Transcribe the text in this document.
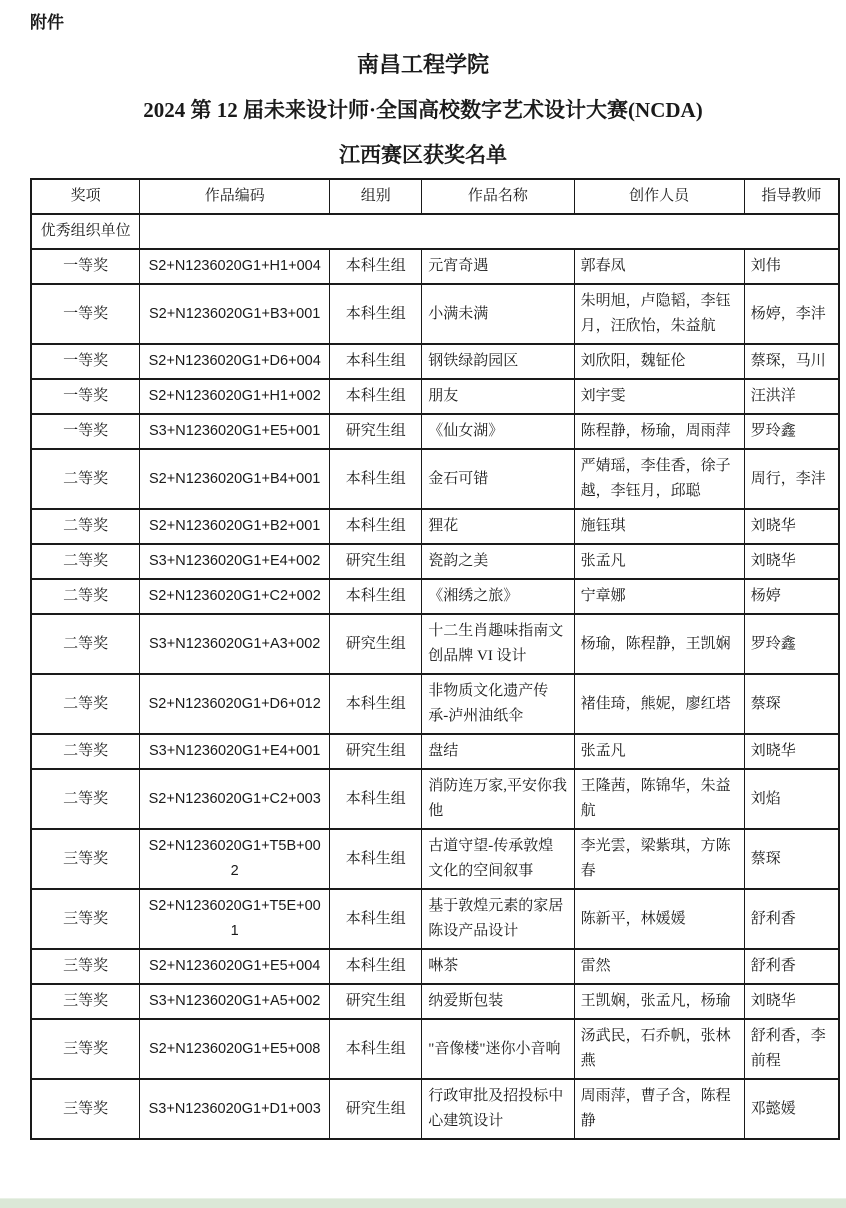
附件
南昌工程学院
2024 第 12 届未来设计师·全国高校数字艺术设计大赛(NCDA)
江西赛区获奖名单
奖项	作品编码	组别	作品名称	创作人员	指导教师
优秀组织单位					
一等奖	S2+N1236020G1+H1+004	本科生组	元宵奇遇	郭春凤	刘伟
一等奖	S2+N1236020G1+B3+001	本科生组	小满未满	朱明旭，卢隐韬，李钰月，汪欣怡，朱益航	杨婷，李沣
一等奖	S2+N1236020G1+D6+004	本科生组	钢铁绿韵园区	刘欣阳，魏钲伦	蔡琛，马川
一等奖	S2+N1236020G1+H1+002	本科生组	朋友	刘宇雯	汪洪洋
一等奖	S3+N1236020G1+E5+001	研究生组	《仙女湖》	陈程静，杨瑜，周雨萍	罗玲鑫
二等奖	S2+N1236020G1+B4+001	本科生组	金石可错	严婧瑶，李佳香，徐子越，李钰月，邱聪	周行，李沣
二等奖	S2+N1236020G1+B2+001	本科生组	狸花	施钰琪	刘晓华
二等奖	S3+N1236020G1+E4+002	研究生组	瓷韵之美	张孟凡	刘晓华
二等奖	S2+N1236020G1+C2+002	本科生组	《湘绣之旅》	宁章娜	杨婷
二等奖	S3+N1236020G1+A3+002	研究生组	十二生肖趣味指南文创品牌 VI 设计	杨瑜，陈程静，王凯娴	罗玲鑫
二等奖	S2+N1236020G1+D6+012	本科生组	非物质文化遗产传承-泸州油纸伞	褚佳琦，熊妮，廖红塔	蔡琛
二等奖	S3+N1236020G1+E4+001	研究生组	盘结	张孟凡	刘晓华
二等奖	S2+N1236020G1+C2+003	本科生组	消防连万家,平安你我他	王隆茜，陈锦华，朱益航	刘焰
三等奖	S2+N1236020G1+T5B+002	本科生组	古道守望-传承敦煌文化的空间叙事	李光雲，梁紫琪，方陈春	蔡琛
三等奖	S2+N1236020G1+T5E+001	本科生组	基于敦煌元素的家居陈设产品设计	陈新平，林媛媛	舒利香
三等奖	S2+N1236020G1+E5+004	本科生组	啉茶	雷然	舒利香
三等奖	S3+N1236020G1+A5+002	研究生组	纳爱斯包装	王凯娴，张孟凡，杨瑜	刘晓华
三等奖	S2+N1236020G1+E5+008	本科生组	"音像楼"迷你小音响	汤武民，石乔帆，张林燕	舒利香，李前程
三等奖	S3+N1236020G1+D1+003	研究生组	行政审批及招投标中心建筑设计	周雨萍，曹子含，陈程静	邓懿媛
